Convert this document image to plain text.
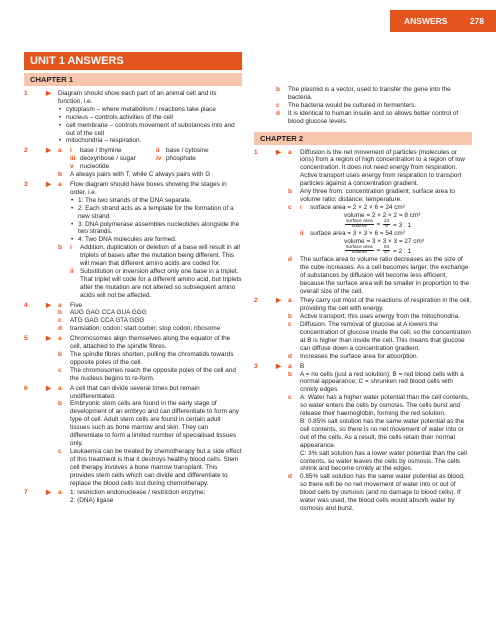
ANSWERS	278
UNIT 1 ANSWERS
CHAPTER 1
1	▶ Diagram should show each part of an animal cell and its function, i.e.
• cytoplasm – where metabolism / reactions take place
• nucleus – controls activities of the cell
• cell membrane – controls movement of substances into and out of the cell
• mitochondria – respiration.
2	▶ a i base / thymine	ii base / cytosine
iii deoxyribose / sugar	iv phosphate
v nucleotide
b A always pairs with T, while C always pairs with G
3	▶ a Flow diagram should have boxes showing the stages in order, i.e.
• 1: The two strands of the DNA separate.
• 2: Each strand acts as a template for the formation of a new strand.
• 3: DNA polymerase assembles nucleotides alongside the two strands.
• 4: Two DNA molecules are formed.
b i	Addition, duplication or deletion of a base will result in all triplets of bases after the mutation being different. This will mean that different amino acids are coded for.
ii	Substitution or inversion affect only one base in a triplet. That triplet will code for a different amino acid, but triplets after the mutation are not altered so subsequent amino acids will not be affected.
4	▶ a Five
b AUG GAG CCA GUA GGG
c ATG GAG CCA GTA GGG
d translation; codon; start codon; stop codon; ribosome
5	▶ a Chromosomes align themselves along the equator of the cell, attached to the spindle fibres.
b The spindle fibres shorten, pulling the chromatids towards opposite poles of the cell.
c The chromosomes reach the opposite poles of the cell and the nucleus begins to re-form.
6	▶ a A cell that can divide several times but remain undifferentiated.
b Embryonic stem cells are found in the early stage of development of an embryo and can differentiate to form any type of cell. Adult stem cells are found in certain adult tissues such as bone marrow and skin. They can differentiate to form a limited number of specialised tissues only.
c Leukaemia can be treated by chemotherapy but a side effect of this treatment is that it destroys healthy blood cells. Stem cell therapy involves a bone marrow transplant. This provides stem cells which can divide and differentiate to replace the blood cells lost during chemotherapy.
7	▶ a 1: restriction endonuclease / restriction enzyme;
2: (DNA) ligase
b The plasmid is a vector, used to transfer the gene into the bacteria.
c The bacteria would be cultured in fermenters.
d It is identical to human insulin and so allows better control of blood glucose levels.
CHAPTER 2
1	▶ a Diffusion is the net movement of particles (molecules or ions) from a region of high concentration to a region of low concentration. It does not need energy from respiration. Active transport uses energy from respiration to transport particles against a concentration gradient.
b Any three from: concentration gradient; surface area to volume ratio; distance; temperature.
c i	surface area = 2 × 2 × 6 = 24 cm²
volume = 2 × 2 × 2 = 8 cm³
surface area
volume = $\frac{24}{8} = 3$ : 1
ii	surface area = 3 × 3 × 6 = 54 cm²
volume = 3 × 3 × 3 = 27 cm³
surface area
volume = $\frac{54}{27} = 2$ : 1
d The surface area to volume ratio decreases as the size of the cube increases. As a cell becomes larger, the exchange of substances by diffusion will become less efficient, because the surface area will be smaller in proportion to the overall size of the cell.
2	▶ a They carry out most of the reactions of respiration in the cell, providing the cell with energy.
b Active transport; this uses energy from the mitochondria.
c Diffusion. The removal of glucose at A lowers the concentration of glucose inside the cell, so the concentration at B is higher than inside the cell. This means that glucose can diffuse down a concentration gradient.
d Increases the surface area for absorption.
3	▶ a B
b A = no cells (just a red solution); B = red blood cells with a normal appearance; C = shrunken red blood cells with crinkly edges
c A: Water has a higher water potential than the cell contents, so water enters the cells by osmosis. The cells burst and release their haemoglobin, forming the red solution.
B: 0.85% salt solution has the same water potential as the cell contents, so there is no net movement of water into or out of the cells. As a result, the cells retain their normal appearance.
C: 3% salt solution has a lower water potential than the cell contents, so water leaves the cells by osmosis. The cells shrink and become crinkly at the edges.
d 0.85% salt solution has the same water potential as blood, so there will be no net movement of water into or out of blood cells by osmosis (and no damage to blood cells). If water was used, the blood cells would absorb water by osmosis and burst.
